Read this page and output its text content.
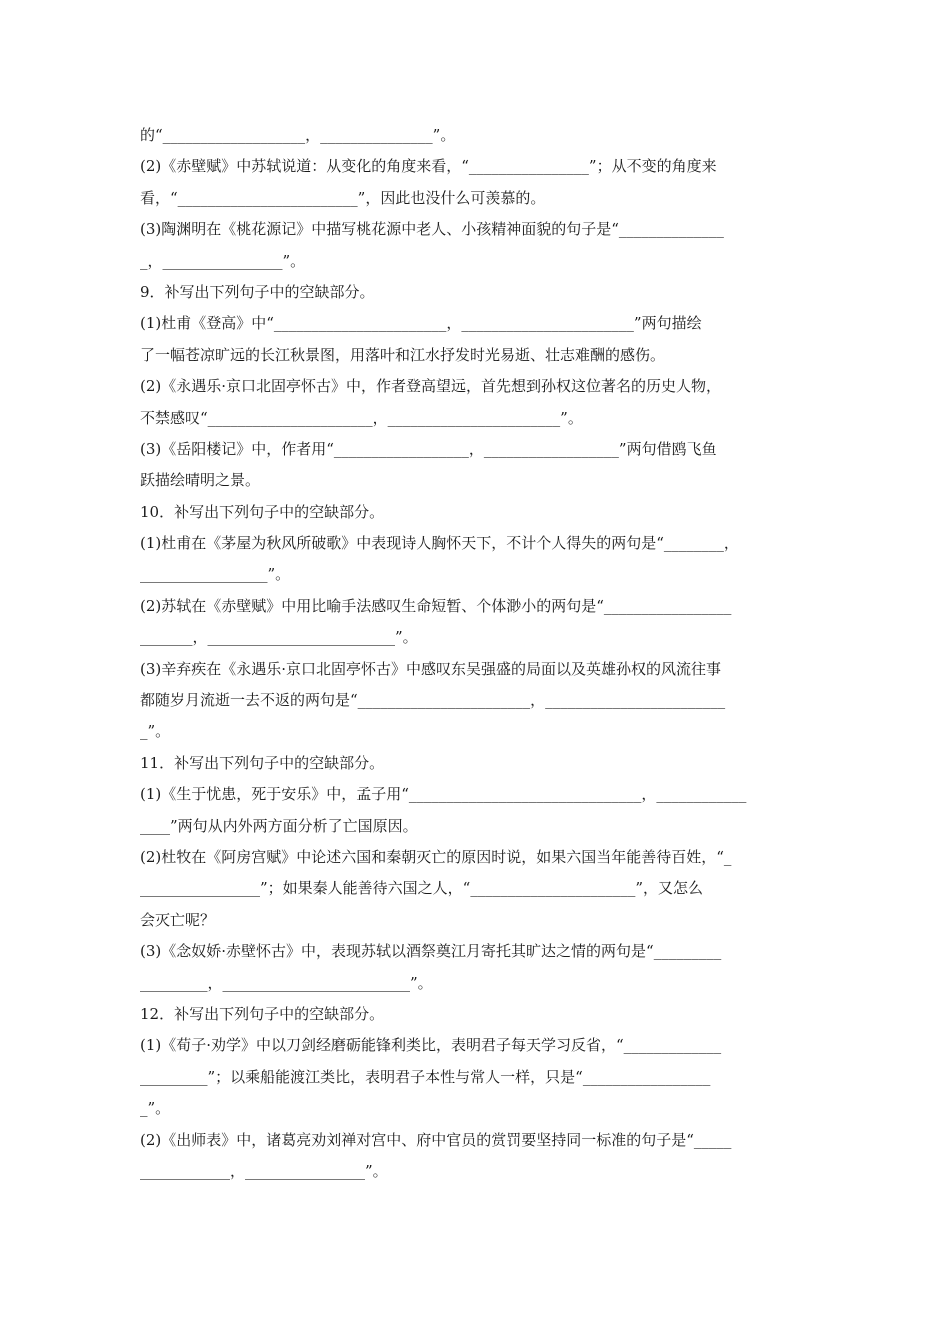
的“___________________，_______________”。
(2)《赤壁赋》中苏轼说道：从变化的角度来看，“________________”；从不变的角度来
看，“________________________”，因此也没什么可羡慕的。
(3)陶渊明在《桃花源记》中描写桃花源中老人、小孩精神面貌的句子是“______________
_，________________”。
9．补写出下列句子中的空缺部分。
(1)杜甫《登高》中“_______________________，_______________________”两句描绘
了一幅苍凉旷远的长江秋景图，用落叶和江水抒发时光易逝、壮志难酬的感伤。
(2)《永遇乐·京口北固亭怀古》中，作者登高望远，首先想到孙权这位著名的历史人物，
不禁感叹“______________________，_______________________”。
(3)《岳阳楼记》中，作者用“__________________，__________________”两句借鸥飞鱼
跃描绘晴明之景。
10．补写出下列句子中的空缺部分。
(1)杜甫在《茅屋为秋风所破歌》中表现诗人胸怀天下，不计个人得失的两句是“________，
_________________”。
(2)苏轼在《赤壁赋》中用比喻手法感叹生命短暂、个体渺小的两句是“_________________
_______，_________________________”。
(3)辛弃疾在《永遇乐·京口北固亭怀古》中感叹东吴强盛的局面以及英雄孙权的风流往事
都随岁月流逝一去不返的两句是“_______________________，________________________
_”。
11．补写出下列句子中的空缺部分。
(1)《生于忧患，死于安乐》中，孟子用“_______________________________，____________
____”两句从内外两方面分析了亡国原因。
(2)杜牧在《阿房宫赋》中论述六国和秦朝灭亡的原因时说，如果六国当年能善待百姓，“_
________________”；如果秦人能善待六国之人，“______________________”，又怎么
会灭亡呢？
(3)《念奴娇·赤壁怀古》中，表现苏轼以酒祭奠江月寄托其旷达之情的两句是“_________
_________，_________________________”。
12．补写出下列句子中的空缺部分。
(1)《荀子·劝学》中以刀剑经磨砺能锋利类比，表明君子每天学习反省，“_____________
_________”；以乘船能渡江类比，表明君子本性与常人一样，只是“_________________
_”。
(2)《出师表》中，诸葛亮劝刘禅对宫中、府中官员的赏罚要坚持同一标准的句子是“_____
____________，________________”。
